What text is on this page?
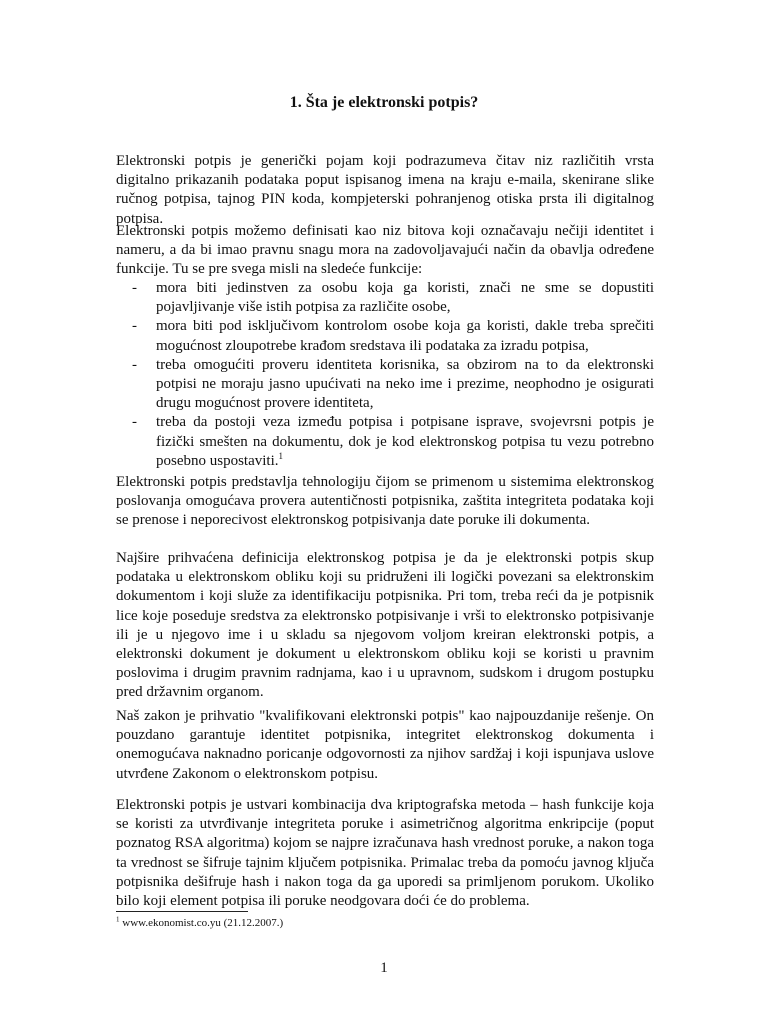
1. Šta je elektronski potpis?

Elektronski potpis je generički pojam koji podrazumeva čitav niz različitih vrsta digitalno prikazanih podataka poput ispisanog imena na kraju e-maila, skenirane slike ručnog potpisa, tajnog PIN koda, kompjeterski pohranjenog otiska prsta ili digitalnog potpisa.

Elektronski potpis možemo definisati kao niz bitova koji označavaju nečiji identitet i nameru, a da bi imao pravnu snagu mora na zadovoljavajući način da obavlja određene funkcije. Tu se pre svega misli na sledeće funkcije:

- mora biti jedinstven za osobu koja ga koristi, znači ne sme se dopustiti pojavljivanje više istih potpisa za različite osobe,
- mora biti pod isključivom kontrolom osobe koja ga koristi, dakle treba sprečiti mogućnost zloupotrebe krađom sredstava ili podataka za izradu potpisa,
- treba omogućiti proveru identiteta korisnika, sa obzirom na to da elektronski potpisi ne moraju jasno upućivati na neko ime i prezime, neophodno je osigurati drugu mogućnost provere identiteta,
- treba da postoji veza između potpisa i potpisane isprave, svojevrsni potpis je fizički smešten na dokumentu, dok je kod elektronskog potpisa tu vezu potrebno posebno uspostaviti.$^1$

Elektronski potpis predstavlja tehnologiju čijom se primenom u sistemima elektronskog poslovanja omogućava provera autentičnosti potpisnika, zaštita integriteta podataka koji se prenose i neporecivost elektronskog potpisivanja date poruke ili dokumenta.

Najšire prihvaćena definicija elektronskog potpisa je da je elektronski potpis skup podataka u elektronskom obliku koji su pridruženi ili logički povezani sa elektronskim dokumentom i koji služe za identifikaciju potpisnika. Pri tom, treba reći da je potpisnik lice koje poseduje sredstva za elektronsko potpisivanje i vrši to elektronsko potpisivanje ili je u njegovo ime i u skladu sa njegovom voljom kreiran elektronski potpis, a elektronski dokument je dokument u elektronskom obliku koji se koristi u pravnim poslovima i drugim pravnim radnjama, kao i u upravnom, sudskom i drugom postupku pred državnim organom.

Naš zakon je prihvatio "kvalifikovani elektronski potpis" kao najpouzdanije rešenje. On pouzdano garantuje identitet potpisnika, integritet elektronskog dokumenta i onemogućava naknadno poricanje odgovornosti za njihov sardžaj i koji ispunjava uslove utvrđene Zakonom o elektronskom potpisu.

Elektronski potpis je ustvari kombinacija dva kriptografska metoda – hash funkcije koja se koristi za utvrđivanje integriteta poruke i asimetričnog algoritma enkripcije (poput poznatog RSA algoritma) kojom se najpre izračunava hash vrednost poruke, a nakon toga ta vrednost se šifruje tajnim ključem potpisnika. Primalac treba da pomoću javnog ključa potpisnika dešifruje hash i nakon toga da ga uporedi sa primljenom porukom. Ukoliko bilo koji element potpisa ili poruke neodgovara doći će do problema.

$^1$ www.ekonomist.co.yu (21.12.2007.)
1
